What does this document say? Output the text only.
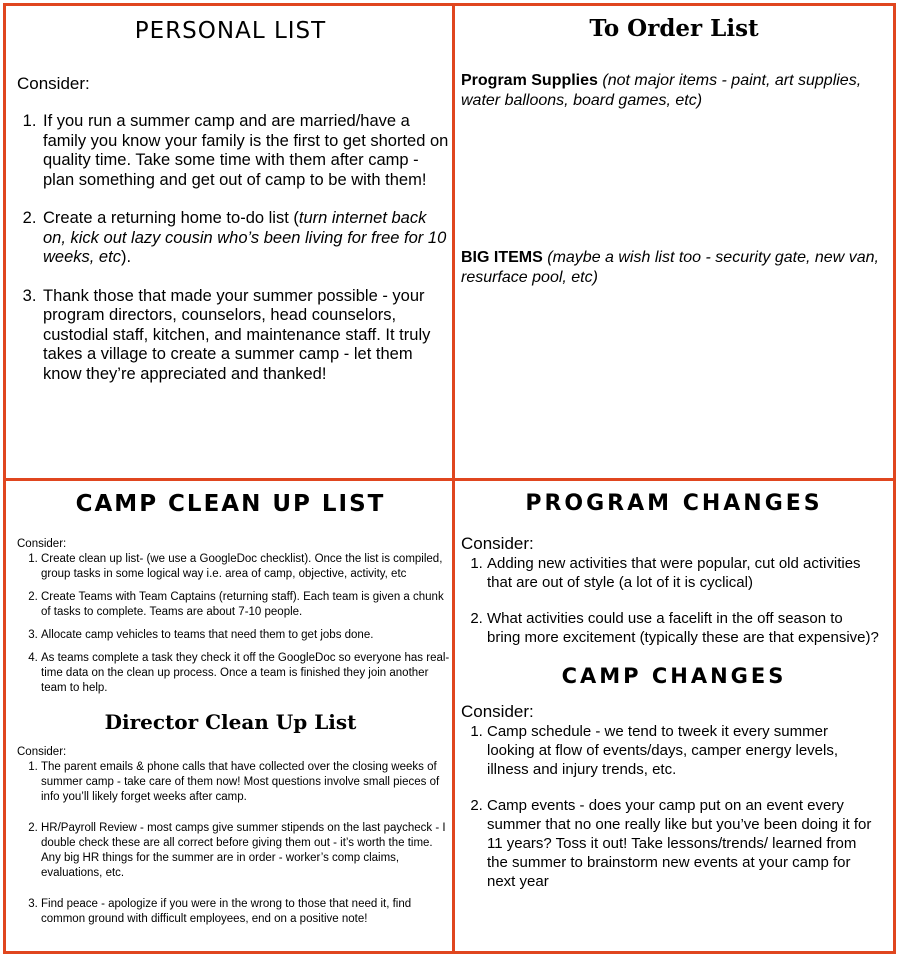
PERSONAL LIST
Consider:
1. If you run a summer camp and are married/have a family you know your family is the first to get shorted on quality time. Take some time with them after camp - plan something and get out of camp to be with them!
2. Create a returning home to-do list (turn internet back on, kick out lazy cousin who’s been living for free for 10 weeks, etc).
3. Thank those that made your summer possible - your program directors, counselors, head counselors, custodial staff, kitchen, and maintenance staff. It truly takes a village to create a summer camp - let them know they’re appreciated and thanked!
To Order List
Program Supplies (not major items - paint, art supplies, water balloons, board games, etc)
BIG ITEMS (maybe a wish list too - security gate, new van, resurface pool, etc)
CAMP CLEAN UP LIST
Consider:
1. Create clean up list- (we use a GoogleDoc checklist). Once the list is compiled, group tasks in some logical way i.e. area of camp, objective, activity, etc
2. Create Teams with Team Captains (returning staff). Each team is given a chunk of tasks to complete. Teams are about 7-10 people.
3. Allocate camp vehicles to teams that need them to get jobs done.
4. As teams complete a task they check it off the GoogleDoc so everyone has real-time data on the clean up process. Once a team is finished they join another team to help.
Director Clean Up List
Consider:
1. The parent emails & phone calls that have collected over the closing weeks of summer camp - take care of them now! Most questions involve small pieces of info you’ll likely forget weeks after camp.
2. HR/Payroll Review - most camps give summer stipends on the last paycheck - I double check these are all correct before giving them out - it’s worth the time. Any big HR things for the summer are in order - worker’s comp claims, evaluations, etc.
3. Find peace - apologize if you were in the wrong to those that need it, find common ground with difficult employees, end on a positive note!
PROGRAM CHANGES
Consider:
1. Adding new activities that were popular, cut old activities that are out of style (a lot of it is cyclical)
2. What activities could use a facelift in the off season to bring more excitement (typically these are that expensive)?
CAMP CHANGES
Consider:
1. Camp schedule - we tend to tweek it every summer looking at flow of events/days, camper energy levels, illness and injury trends, etc.
2. Camp events - does your camp put on an event every summer that no one really like but you’ve been doing it for 11 years? Toss it out! Take lessons/trends/ learned from the summer to brainstorm new events at your camp for next year
